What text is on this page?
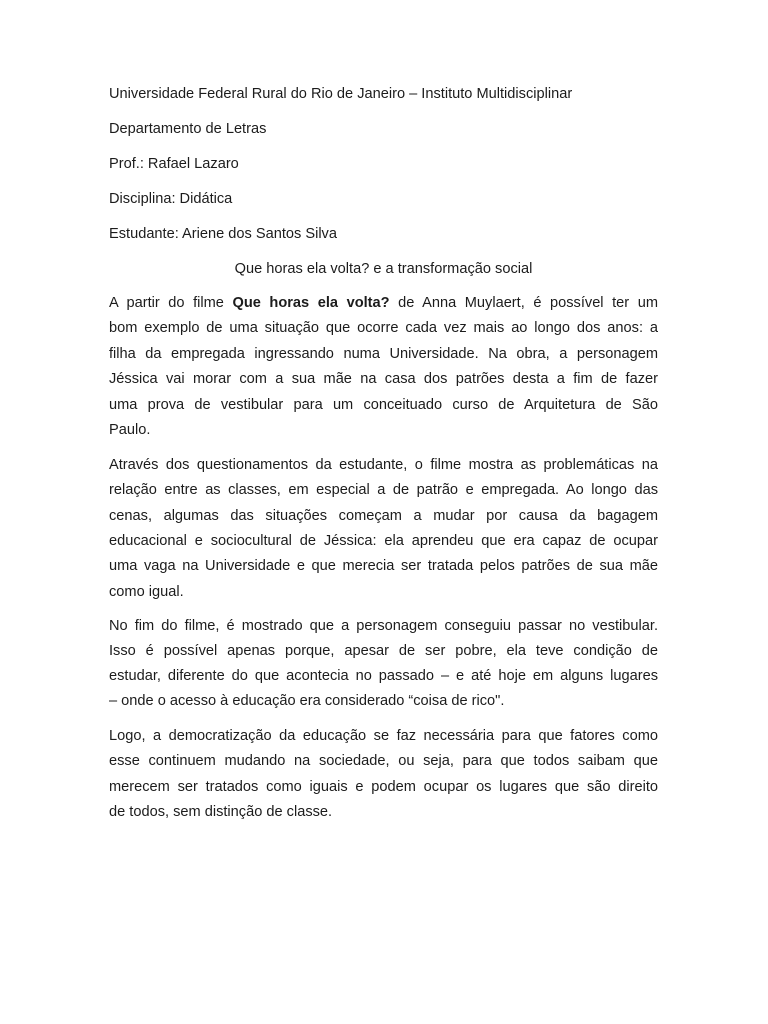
Universidade Federal Rural do Rio de Janeiro – Instituto Multidisciplinar
Departamento de Letras
Prof.: Rafael Lazaro
Disciplina: Didática
Estudante: Ariene dos Santos Silva
Que horas ela volta? e a transformação social
A partir do filme Que horas ela volta? de Anna Muylaert, é possível ter um
bom exemplo de uma situação que ocorre cada vez mais ao longo dos anos: a
filha da empregada ingressando numa Universidade. Na obra, a personagem
Jéssica vai morar com a sua mãe na casa dos patrões desta a fim de fazer
uma prova de vestibular para um conceituado curso de Arquitetura de São
Paulo.
Através dos questionamentos da estudante, o filme mostra as problemáticas na
relação entre as classes, em especial a de patrão e empregada. Ao longo das
cenas, algumas das situações começam a mudar por causa da bagagem
educacional e sociocultural de Jéssica: ela aprendeu que era capaz de ocupar
uma vaga na Universidade e que merecia ser tratada pelos patrões de sua mãe
como igual.
No fim do filme, é mostrado que a personagem conseguiu passar no vestibular.
Isso é possível apenas porque, apesar de ser pobre, ela teve condição de
estudar, diferente do que acontecia no passado – e até hoje em alguns lugares
– onde o acesso à educação era considerado “coisa de rico".
Logo, a democratização da educação se faz necessária para que fatores como
esse continuem mudando na sociedade, ou seja, para que todos saibam que
merecem ser tratados como iguais e podem ocupar os lugares que são direito
de todos, sem distinção de classe.
